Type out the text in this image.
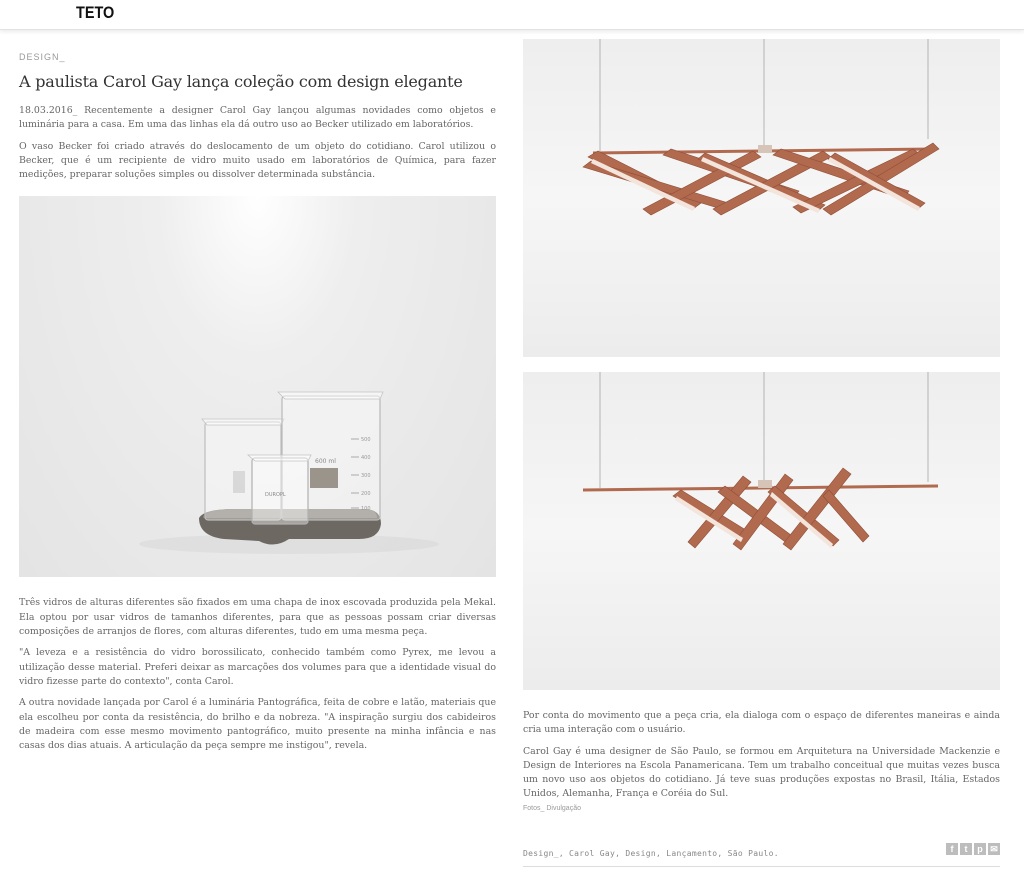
TETO
DESIGN_
A paulista Carol Gay lança coleção com design elegante

18.03.2016_ Recentemente a designer Carol Gay lançou algumas novidades como objetos e luminária para a casa. Em uma das linhas ela dá outro uso ao Becker utilizado em laboratórios.

O vaso Becker foi criado através do deslocamento de um objeto do cotidiano. Carol utilizou o Becker, que é um recipiente de vidro muito usado em laboratórios de Química, para fazer medições, preparar soluções simples ou dissolver determinada substância.

600 ml
500
400
300
200
100
DUROPL

Três vidros de alturas diferentes são fixados em uma chapa de inox escovada produzida pela Mekal. Ela optou por usar vidros de tamanhos diferentes, para que as pessoas possam criar diversas composições de arranjos de flores, com alturas diferentes, tudo em uma mesma peça.

"A leveza e a resistência do vidro borossilicato, conhecido também como Pyrex, me levou a utilização desse material. Preferi deixar as marcações dos volumes para que a identidade visual do vidro fizesse parte do contexto", conta Carol.

A outra novidade lançada por Carol é a luminária Pantográfica, feita de cobre e latão, materiais que ela escolheu por conta da resistência, do brilho e da nobreza. "A inspiração surgiu dos cabideiros de madeira com esse mesmo movimento pantográfico, muito presente na minha infância e nas casas dos dias atuais. A articulação da peça sempre me instigou", revela.

Por conta do movimento que a peça cria, ela dialoga com o espaço de diferentes maneiras e ainda cria uma interação com o usuário.

Carol Gay é uma designer de São Paulo, se formou em Arquitetura na Universidade Mackenzie e Design de Interiores na Escola Panamericana. Tem um trabalho conceitual que muitas vezes busca um novo uso aos objetos do cotidiano. Já teve suas produções expostas no Brasil, Itália, Estados Unidos, Alemanha, França e Coréia do Sul.

Fotos_ Divulgação
Design_, Carol Gay, Design, Lançamento, São Paulo.	f	t	p ✉
